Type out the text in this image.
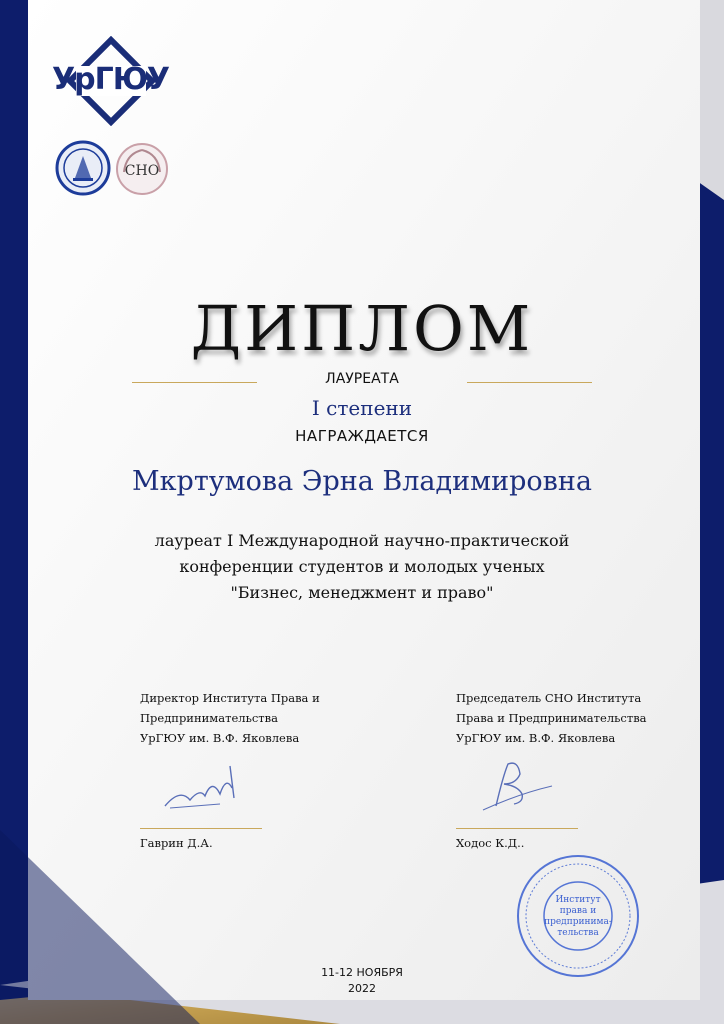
УрГЮУ
СНО
ДИПЛОМ
ЛАУРЕАТА
I степени
НАГРАЖДАЕТСЯ
Мкртумова Эрна Владимировна
лауреат I Международной научно-практической
конференции студентов и молодых ученых
"Бизнес, менеджмент и право"
Директор Института Права и
Предпринимательства
УрГЮУ им. В.Ф. Яковлева
Гаврин Д.А.
Председатель СНО Института
Права и Предпринимательства
УрГЮУ им. В.Ф. Яковлева
Ходос К.Д..
Институт
права и
предпринима-
тельства
11-12 НОЯБРЯ
2022
